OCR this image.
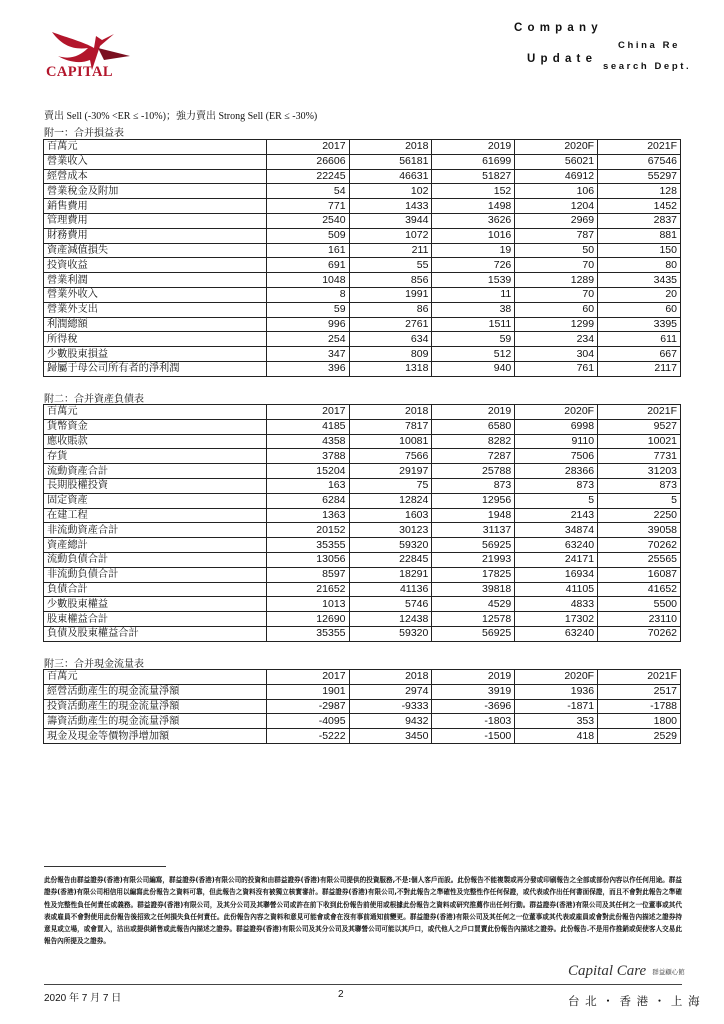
CAPITAL
Company
China Re
Update
search Dept.
賣出 Sell (-30% <ER ≤ -10%)；強力賣出 Strong Sell (ER ≤ -30%)
附一：合并損益表
百萬元	2017	2018	2019	2020F	2021F
營業收入	26606	56181	61699	56021	67546
經營成本	22245	46631	51827	46912	55297
營業稅金及附加	54	102	152	106	128
銷售費用	771	1433	1498	1204	1452
管理費用	2540	3944	3626	2969	2837
財務費用	509	1072	1016	787	881
資產減值損失	161	211	19	50	150
投資收益	691	55	726	70	80
營業利潤	1048	856	1539	1289	3435
營業外收入	8	1991	11	70	20
營業外支出	59	86	38	60	60
利潤總額	996	2761	1511	1299	3395
所得稅	254	634	59	234	611
少數股東損益	347	809	512	304	667
歸屬于母公司所有者的淨利潤	396	1318	940	761	2117
附二：合并資產負債表
百萬元	2017	2018	2019	2020F	2021F
貨幣資金	4185	7817	6580	6998	9527
應收賬款	4358	10081	8282	9110	10021
存貨	3788	7566	7287	7506	7731
流動資產合計	15204	29197	25788	28366	31203
長期股權投資	163	75	873	873	873
固定資產	6284	12824	12956	5	5
在建工程	1363	1603	1948	2143	2250
非流動資產合計	20152	30123	31137	34874	39058
資產總計	35355	59320	56925	63240	70262
流動負債合計	13056	22845	21993	24171	25565
非流動負債合計	8597	18291	17825	16934	16087
負債合計	21652	41136	39818	41105	41652
少數股東權益	1013	5746	4529	4833	5500
股東權益合計	12690	12438	12578	17302	23110
負債及股東權益合計	35355	59320	56925	63240	70262
附三：合并現金流量表
百萬元	2017	2018	2019	2020F	2021F
經營活動產生的現金流量淨額	1901	2974	3919	1936	2517
投資活動產生的現金流量淨額	-2987	-9333	-3696	-1871	-1788
籌資活動產生的現金流量淨額	-4095	9432	-1803	353	1800
現金及現金等價物淨增加額	-5222	3450	-1500	418	2529
此份報告由群益證券(香港)有限公司編寫，群益證券(香港)有限公司的投資和由群益證券(香港)有限公司提供的投資服務,不是:個人客戶而設。此份報告不能複製或再分發或印刷報告之全部或部份內容以作任何用途。群益證券(香港)有限公司相信用以編寫此份報告之資料可靠，但此報告之資料沒有被獨立核實審計。群益證券(香港)有限公司,不對此報告之準確性及完整性作任何保證，或代表或作出任何書面保證，而且不會對此報告之準確性及完整性負任何責任或義務。群益證券(香港)有限公司，及其分公司及其聯營公司或許在前下收到此份報告前使用或根據此份報告之資料或研究推薦作出任何行動。群益證券(香港)有限公司及其任何之一位董事或其代表或雇員不會對使用此份報告後招致之任何損失負任何責任。此份報告內容之資料和意見可能會或會在沒有事前通知前變更。群益證券(香港)有限公司及其任何之一位董事或其代表或雇員或會對此份報告內描述之證券持意見或立場，或會買入，沽出或提供銷售或此報告內描述之證券。群益證券(香港)有限公司及其分公司及其聯營公司可能以其戶口，或代他人之戶口買賣此份報告內描述之證券。此份報告.不是用作推銷或促使客人交易此報告內所提及之證券。
Capital Care 群益顧心館
2020 年 7 月 7 日	2	台 北 ・ 香 港 ・ 上 海
